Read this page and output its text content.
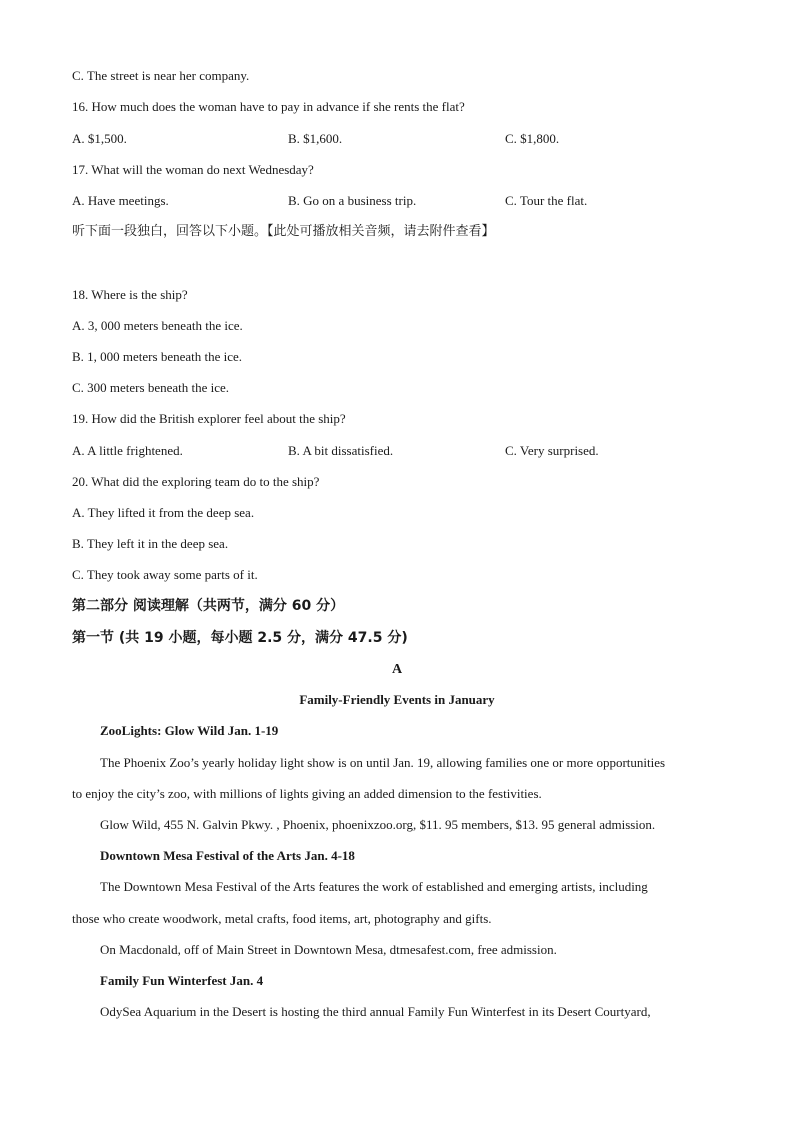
C. The street is near her company.
16. How much does the woman have to pay in advance if she rents the flat?
A. $1,500.	B. $1,600.	C. $1,800.
17. What will the woman do next Wednesday?
A. Have meetings.	B. Go on a business trip.	C. Tour the flat.
听下面一段独白，回答以下小题。【此处可播放相关音频，请去附件查看】
18. Where is the ship?
A. 3, 000 meters beneath the ice.
B. 1, 000 meters beneath the ice.
C. 300 meters beneath the ice.
19. How did the British explorer feel about the ship?
A. A little frightened.	B. A bit dissatisfied.	C. Very surprised.
20. What did the exploring team do to the ship?
A. They lifted it from the deep sea.
B. They left it in the deep sea.
C. They took away some parts of it.
第二部分 阅读理解（共两节，满分 60 分）
第一节 (共 19 小题，每小题 2.5 分，满分 47.5 分)
A
Family-Friendly Events in January
ZooLights: Glow Wild Jan. 1-19
The Phoenix Zoo’s yearly holiday light show is on until Jan. 19, allowing families one or more opportunities
to enjoy the city’s zoo, with millions of lights giving an added dimension to the festivities.
Glow Wild, 455 N. Galvin Pkwy. , Phoenix, phoenixzoo.org, $11. 95 members, $13. 95 general admission.
Downtown Mesa Festival of the Arts Jan. 4-18
The Downtown Mesa Festival of the Arts features the work of established and emerging artists, including
those who create woodwork, metal crafts, food items, art, photography and gifts.
On Macdonald, off of Main Street in Downtown Mesa, dtmesafest.com, free admission.
Family Fun Winterfest Jan. 4
OdySea Aquarium in the Desert is hosting the third annual Family Fun Winterfest in its Desert Courtyard,
